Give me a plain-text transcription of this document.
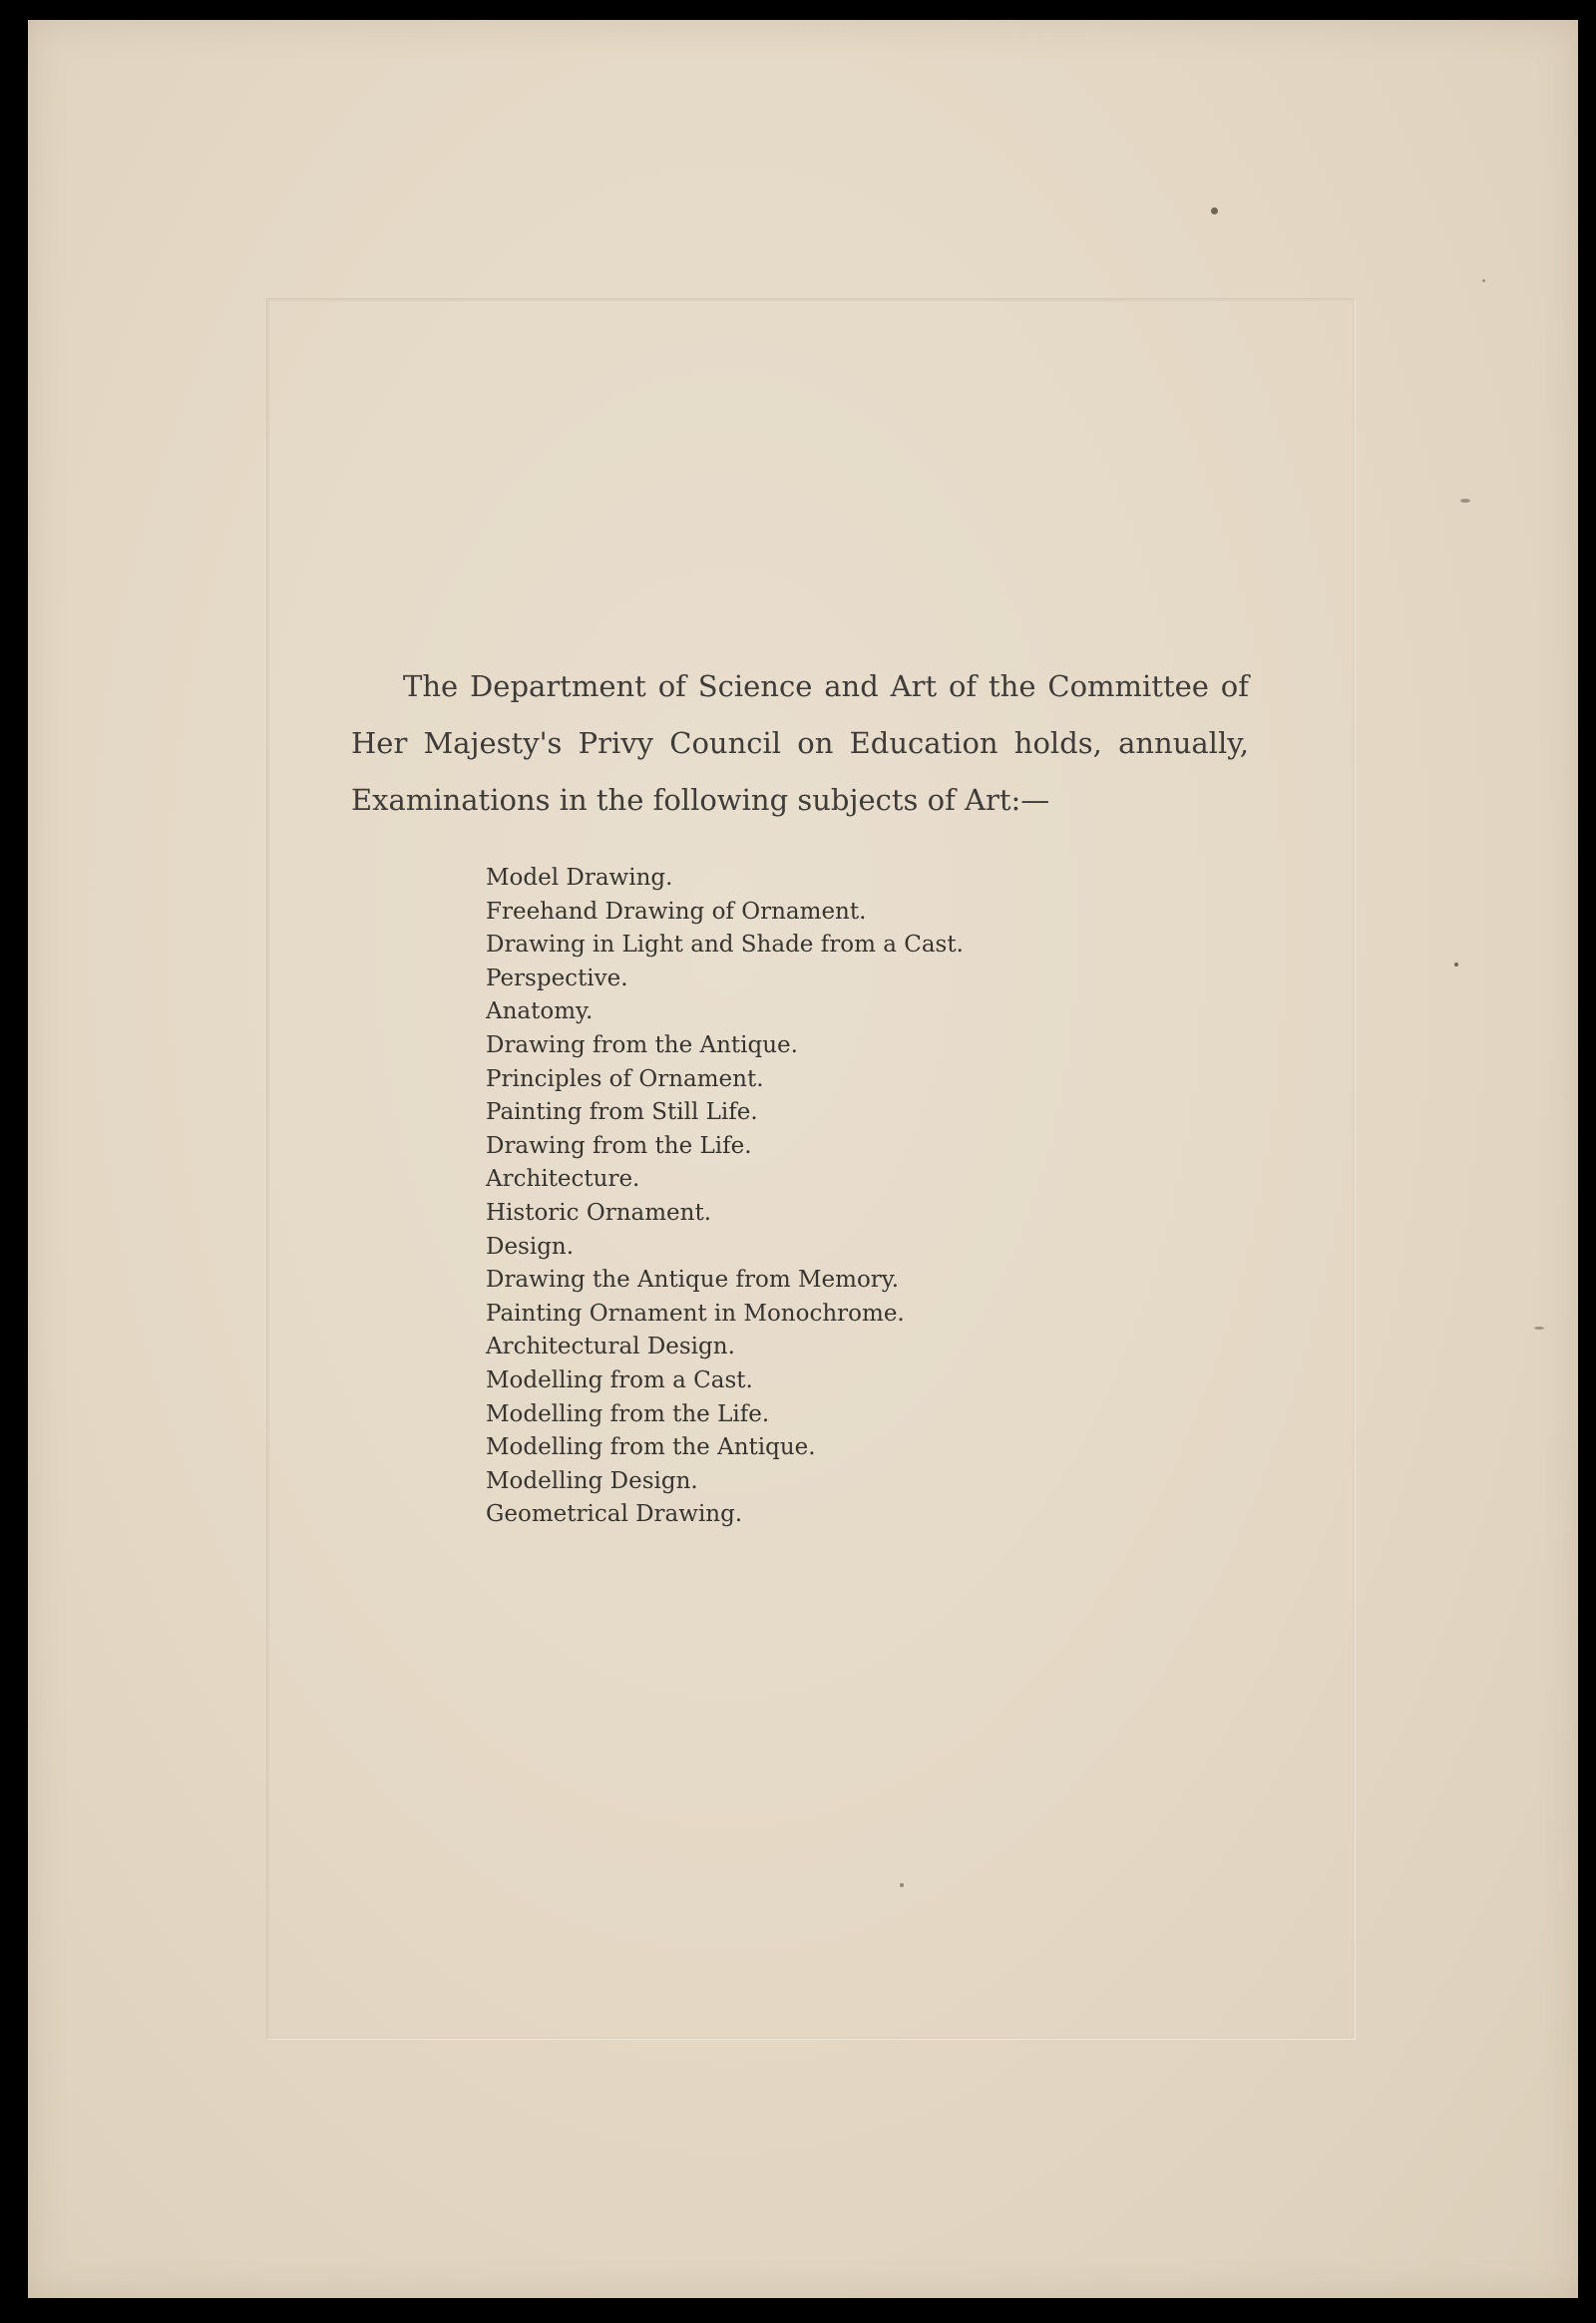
The Department of Science and Art of the Committee of Her Majesty's Privy Council on Education holds, annually, Examinations in the following subjects of Art:—

Model Drawing.
Freehand Drawing of Ornament.
Drawing in Light and Shade from a Cast.
Perspective.
Anatomy.
Drawing from the Antique.
Principles of Ornament.
Painting from Still Life.
Drawing from the Life.
Architecture.
Historic Ornament.
Design.
Drawing the Antique from Memory.
Painting Ornament in Monochrome.
Architectural Design.
Modelling from a Cast.
Modelling from the Life.
Modelling from the Antique.
Modelling Design.
Geometrical Drawing.
